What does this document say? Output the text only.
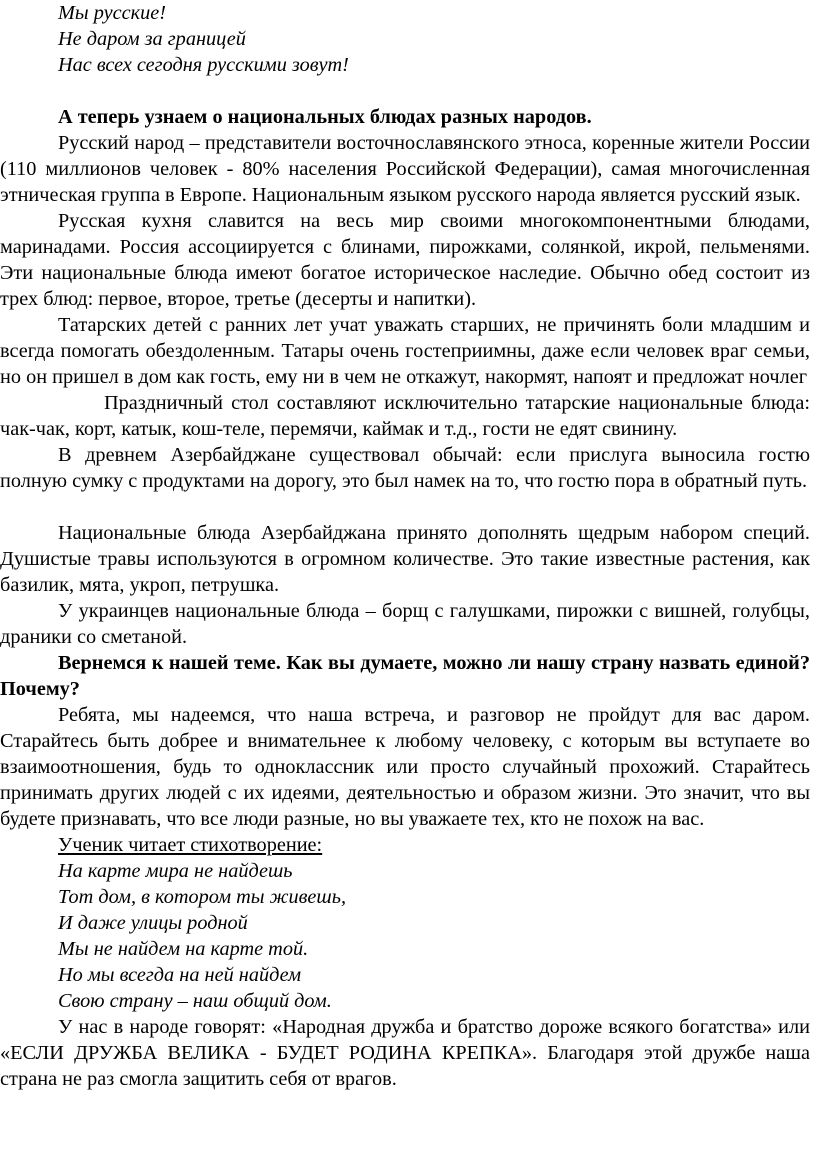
Мы русские!

Не даром за границей

Нас всех сегодня русскими зовут!

А теперь узнаем о национальных блюдах разных народов.

Русский народ – представители восточнославянского этноса, коренные жители России (110 миллионов человек - 80% населения Российской Федерации), самая многочисленная этническая группа в Европе. Национальным языком русского народа является русский язык.

Русская кухня славится на весь мир своими многокомпонентными блюдами, маринадами. Россия ассоциируется с блинами, пирожками, солянкой, икрой, пельменями. Эти национальные блюда имеют богатое историческое наследие. Обычно обед состоит из трех блюд: первое, второе, третье (десерты и напитки).

Татарских детей с ранних лет учат уважать старших, не причинять боли младшим и всегда помогать обездоленным. Татары очень гостеприимны, даже если человек враг семьи, но он пришел в дом как гость, ему ни в чем не откажут, накормят, напоят и предложат ночлег

Праздничный стол составляют исключительно татарские национальные блюда: чак-чак, корт, катык, кош-теле, перемячи, каймак и т.д., гости не едят свинину.

В древнем Азербайджане существовал обычай: если прислуга выносила гостю полную сумку с продуктами на дорогу, это был намек на то, что гостю пора в обратный путь.

Национальные блюда Азербайджана принято дополнять щедрым набором специй. Душистые травы используются в огромном количестве. Это такие известные растения, как базилик, мята, укроп, петрушка.

У украинцев национальные блюда – борщ с галушками, пирожки с вишней, голубцы, драники со сметаной.

Вернемся к нашей теме. Как вы думаете, можно ли нашу страну назвать единой? Почему?

Ребята, мы надеемся, что наша встреча, и разговор не пройдут для вас даром. Старайтесь быть добрее и внимательнее к любому человеку, с которым вы вступаете во взаимоотношения, будь то одноклассник или просто случайный прохожий. Старайтесь принимать других людей с их идеями, деятельностью и образом жизни. Это значит, что вы будете признавать, что все люди разные, но вы уважаете тех, кто не похож на вас.

Ученик читает стихотворение:

На карте мира не найдешь

Тот дом, в котором ты живешь,

И даже улицы родной

Мы не найдем на карте той.

Но мы всегда на ней найдем

Свою страну – наш общий дом.

У нас в народе говорят: «Народная дружба и братство дороже всякого богатства» или «ЕСЛИ ДРУЖБА ВЕЛИКА - БУДЕТ РОДИНА КРЕПКА». Благодаря этой дружбе наша страна не раз смогла защитить себя от врагов.
